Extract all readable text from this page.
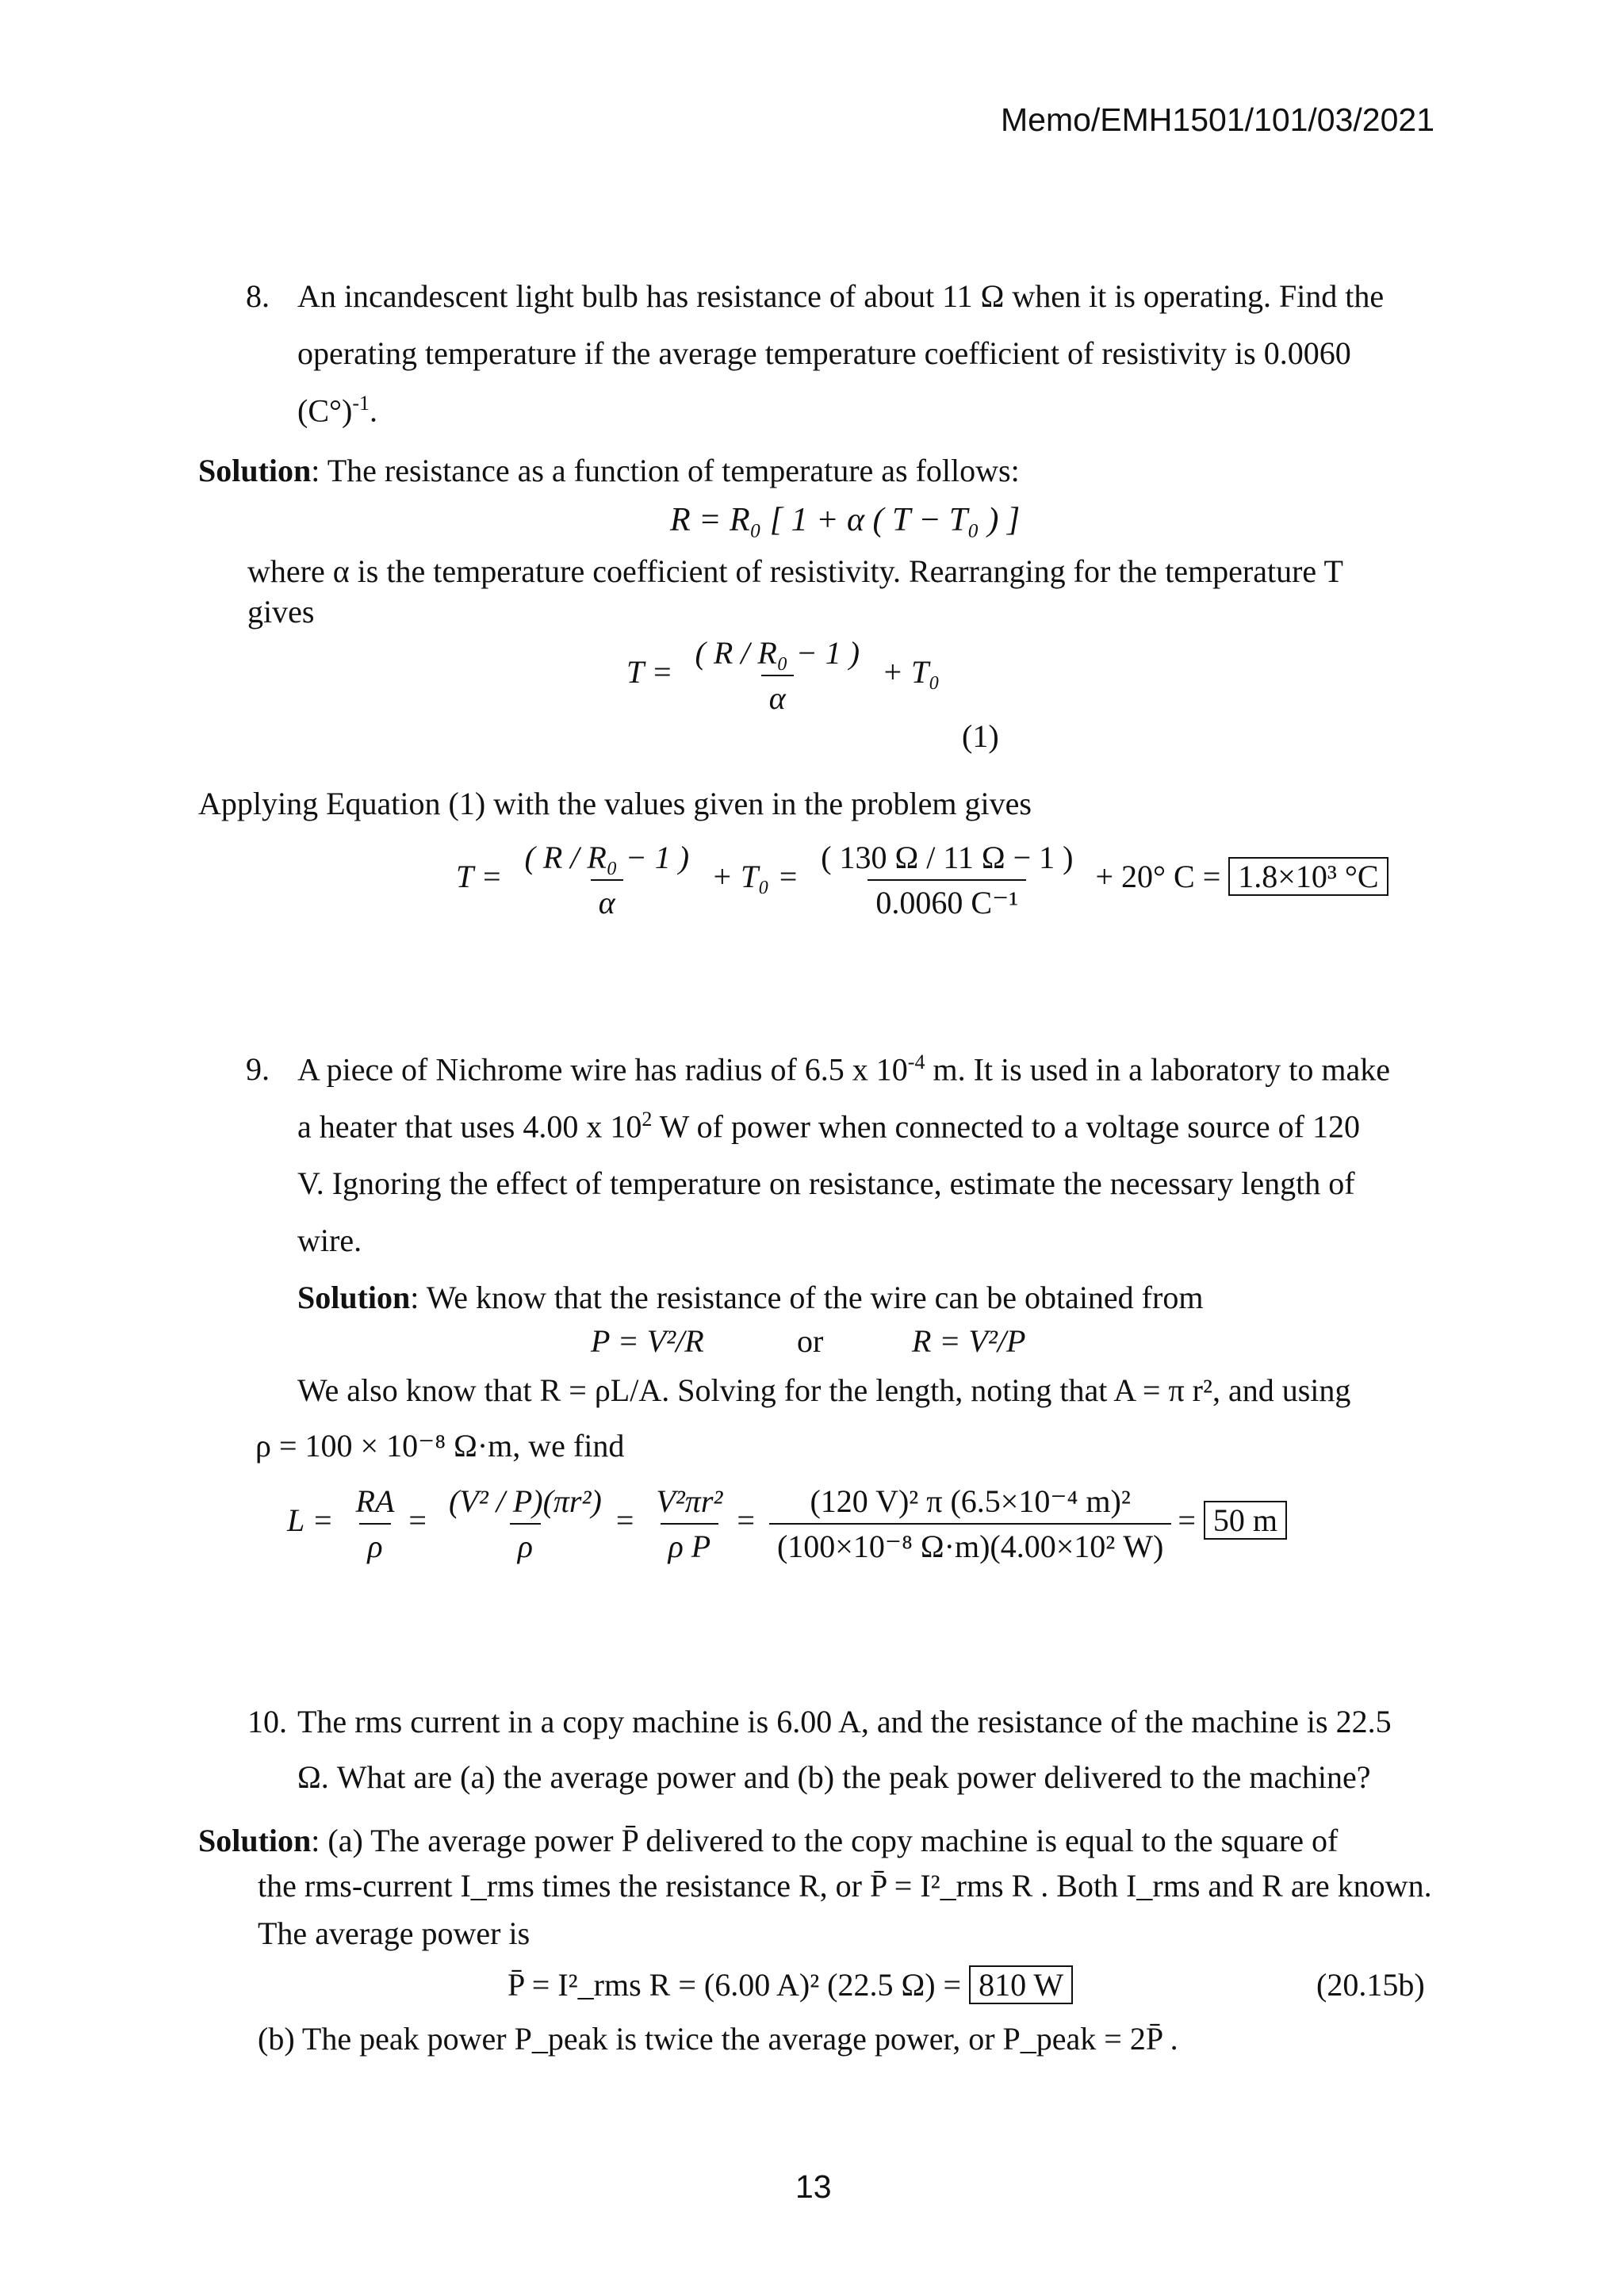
Memo/EMH1501/101/03/2021
8. An incandescent light bulb has resistance of about 11 Ω when it is operating. Find the
operating temperature if the average temperature coefficient of resistivity is 0.0060
$(C^\circ)^{-1}$.
Solution: The resistance as a function of temperature as follows:
R = R₀ [ 1 + α ( T − T₀ ) ]
where α is the temperature coefficient of resistivity. Rearranging for the temperature T
gives
$T = \frac{\text{( R / R₀ − 1 )}}{\alpha} + T_0$
(1)
Applying Equation (1) with the values given in the problem gives
$T = \frac{\text{( R / R₀ − 1 )}}{\alpha} + T_0 = \frac{( 130 \Omega / 11 \Omega - 1 )}{\text{0.0060 C⁻¹}} + 20^\circ$ C = 1.8×10³ °C
9. A piece of Nichrome wire has radius of 6.5 x $10^{-4}$ m. It is used in a laboratory to make
a heater that uses 4.00 x $10^2$ W of power when connected to a voltage source of 120
V. Ignoring the effect of temperature on resistance, estimate the necessary length of
wire.
Solution: We know that the resistance of the wire can be obtained from
P = V²/R	or	R = V²/P
We also know that R = ρL/A. Solving for the length, noting that A = π r², and using
ρ = 100 × 10⁻⁸ Ω·m, we find
$L = \frac{RA}{\rho} = \frac{\text{(V² / P)(πr²)}}{\rho} = \frac{\text{V²πr²}}{\text{ρ P}} = \frac{\text{(120 V)² π (6.5×10⁻⁴ m)²}}{\text{(100×10⁻⁸ Ω·m)(4.00×10² W)}} = 50$ m
10. The rms current in a copy machine is 6.00 A, and the resistance of the machine is 22.5
Ω. What are (a) the average power and (b) the peak power delivered to the machine?
Solution: (a) The average power P̄ delivered to the copy machine is equal to the square of
the rms-current I_rms times the resistance R, or P̄ = I²_rms R . Both I_rms and R are known.
The average power is
P̄ = I²_rms R = (6.00 A)² (22.5 Ω) = 810 W	(20.15b)
(b) The peak power P_peak is twice the average power, or P_peak = 2P̄ .
13
